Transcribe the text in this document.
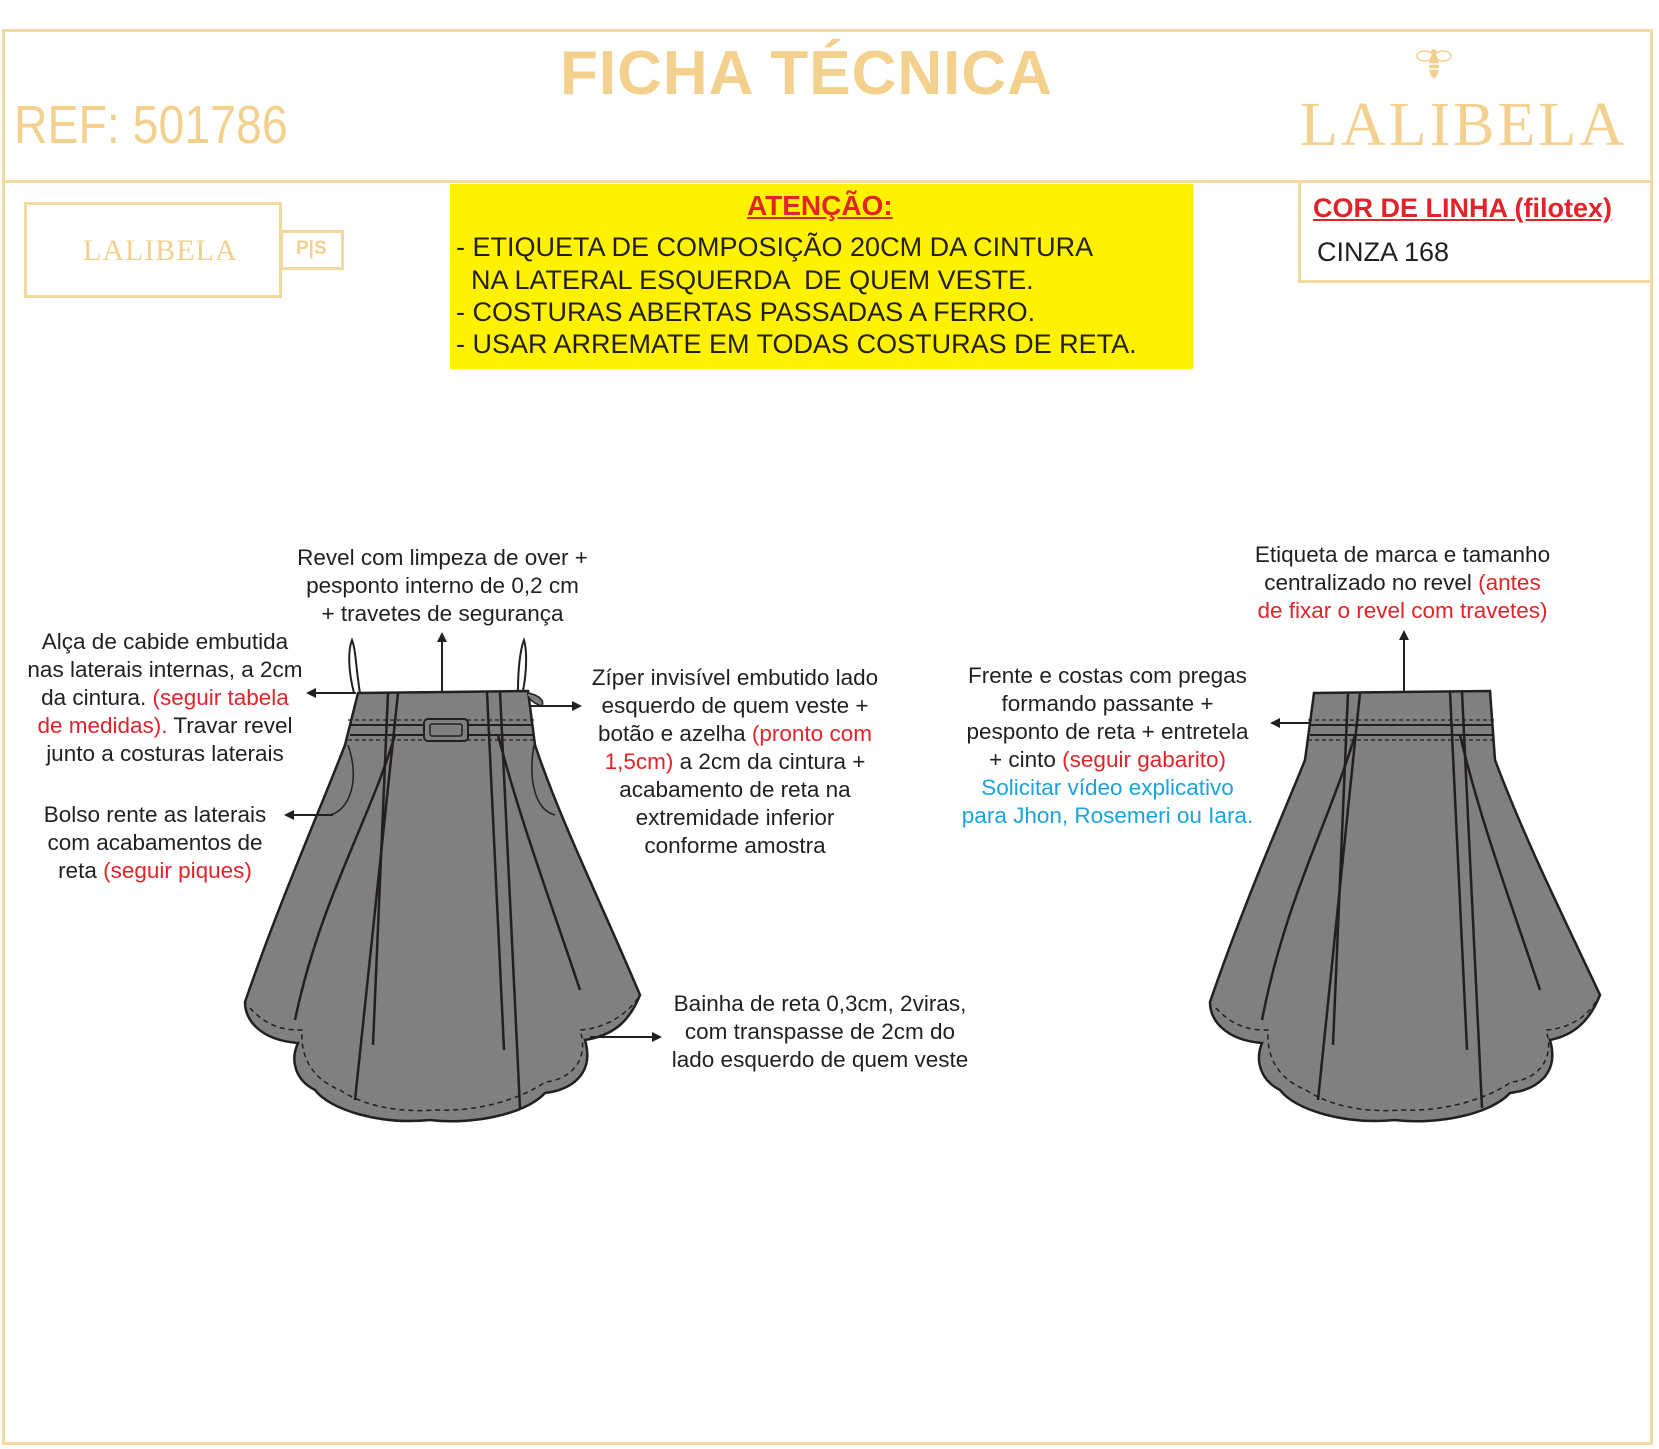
FICHA TÉCNICA
REF: 501786	LALIBELA
LALIBELA	P|S
ATENÇÃO:
- ETIQUETA DE COMPOSIÇÃO 20CM DA CINTURA
NA LATERAL ESQUERDA  DE QUEM VESTE.
- COSTURAS ABERTAS PASSADAS A FERRO.
- USAR ARREMATE EM TODAS COSTURAS DE RETA.
COR DE LINHA (filotex)
CINZA 168
Revel com limpeza de over +
pesponto interno de 0,2 cm
+ travetes de segurança
Alça de cabide embutida
nas laterais internas, a 2cm
da cintura. (seguir tabela
de medidas). Travar revel
junto a costuras laterais
Bolso rente as laterais
com acabamentos de
reta (seguir piques)
Zíper invisível embutido lado
esquerdo de quem veste +
botão e azelha (pronto com
1,5cm) a 2cm da cintura +
acabamento de reta na
extremidade inferior
conforme amostra
Bainha de reta 0,3cm, 2viras,
com transpasse de 2cm do
lado esquerdo de quem veste
Etiqueta de marca e tamanho
centralizado no revel (antes
de fixar o revel com travetes)
Frente e costas com pregas
formando passante +
pesponto de reta + entretela
+ cinto (seguir gabarito)
Solicitar vídeo explicativo
para Jhon, Rosemeri ou Iara.
